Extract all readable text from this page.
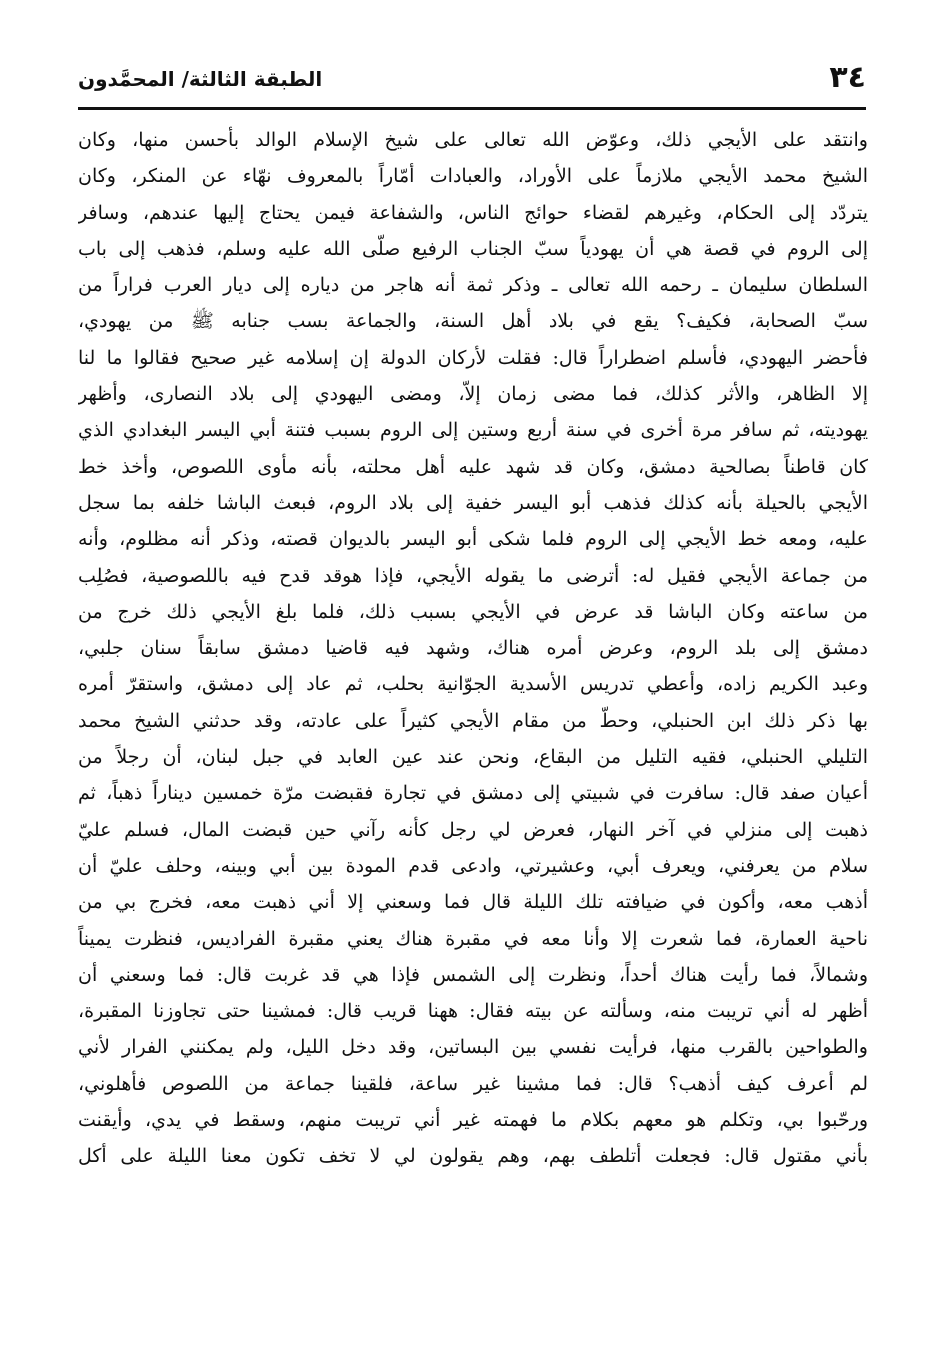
٣٤
الطبقة الثالثة/ المحمَّدون
وانتقد على الأيجي ذلك، وعوّض الله تعالى على شيخ الإسلام الوالد بأحسن منها، وكان
الشيخ محمد الأيجي ملازماً على الأوراد، والعبادات أمّاراً بالمعروف نهّاء عن المنكر، وكان
يتردّد إلى الحكام، وغيرهم لقضاء حوائج الناس، والشفاعة فيمن يحتاج إليها عندهم، وسافر
إلى الروم في قصة هي أن يهودياً سبّ الجناب الرفيع صلّى الله عليه وسلم، فذهب إلى باب
السلطان سليمان ـ رحمه الله تعالى ـ وذكر ثمة أنه هاجر من دياره إلى ديار العرب فراراً من
سبّ الصحابة، فكيف؟ يقع في بلاد أهل السنة، والجماعة بسب جنابه ﷺ من يهودي،
فأحضر اليهودي، فأسلم اضطراراً قال: فقلت لأركان الدولة إن إسلامه غير صحيح فقالوا ما لنا
إلا الظاهر، والأثر كذلك، فما مضى زمان إلاّ، ومضى اليهودي إلى بلاد النصارى، وأظهر
يهوديته، ثم سافر مرة أخرى في سنة أربع وستين إلى الروم بسبب فتنة أبي اليسر البغدادي الذي
كان قاطناً بصالحية دمشق، وكان قد شهد عليه أهل محلته، بأنه مأوى اللصوص، وأخذ خط
الأيجي بالحيلة بأنه كذلك فذهب أبو اليسر خفية إلى بلاد الروم، فبعث الباشا خلفه بما سجل
عليه، ومعه خط الأيجي إلى الروم فلما شكى أبو اليسر بالديوان قصته، وذكر أنه مظلوم، وأنه
من جماعة الأيجي فقيل له: أترضى ما يقوله الأيجي، فإذا هوقد قدح فيه باللصوصية، فصُلِب
من ساعته وكان الباشا قد عرض في الأيجي بسبب ذلك، فلما بلغ الأيجي ذلك خرج من
دمشق إلى بلد الروم، وعرض أمره هناك، وشهد فيه قاضيا دمشق سابقاً سنان جلبي،
وعبد الكريم زاده، وأعطي تدريس الأسدية الجوّانية بحلب، ثم عاد إلى دمشق، واستقرّ أمره
بها ذكر ذلك ابن الحنبلي، وحطّ من مقام الأيجي كثيراً على عادته، وقد حدثني الشيخ محمد
التليلي الحنبلي، فقيه التليل من البقاع، ونحن عند عين العابد في جبل لبنان، أن رجلاً من
أعيان صفد قال: سافرت في شبيتي إلى دمشق في تجارة فقبضت مرّة خمسين ديناراً ذهباً، ثم
ذهبت إلى منزلي في آخر النهار، فعرض لي رجل كأنه رآني حين قبضت المال، فسلم عليّ
سلام من يعرفني، ويعرف أبي، وعشيرتي، وادعى قدم المودة بين أبي وبينه، وحلف عليّ أن
أذهب معه، وأكون في ضيافته تلك الليلة قال فما وسعني إلا أني ذهبت معه، فخرج بي من
ناحية العمارة، فما شعرت إلا وأنا معه في مقبرة هناك يعني مقبرة الفراديس، فنظرت يميناً
وشمالاً، فما رأيت هناك أحداً، ونظرت إلى الشمس فإذا هي قد غربت قال: فما وسعني أن
أظهر له أني تريبت منه، وسألته عن بيته فقال: ههنا قريب قال: فمشينا حتى تجاوزنا المقبرة،
والطواحين بالقرب منها، فرأيت نفسي بين البساتين، وقد دخل الليل، ولم يمكنني الفرار لأني
لم أعرف كيف أذهب؟ قال: فما مشينا غير ساعة، فلقينا جماعة من اللصوص فأهلوني،
ورحّبوا بي، وتكلم هو معهم بكلام ما فهمته غير أني تريبت منهم، وسقط في يدي، وأيقنت
بأني مقتول قال: فجعلت أتلطف بهم، وهم يقولون لي لا تخف تكون معنا الليلة على أكل
